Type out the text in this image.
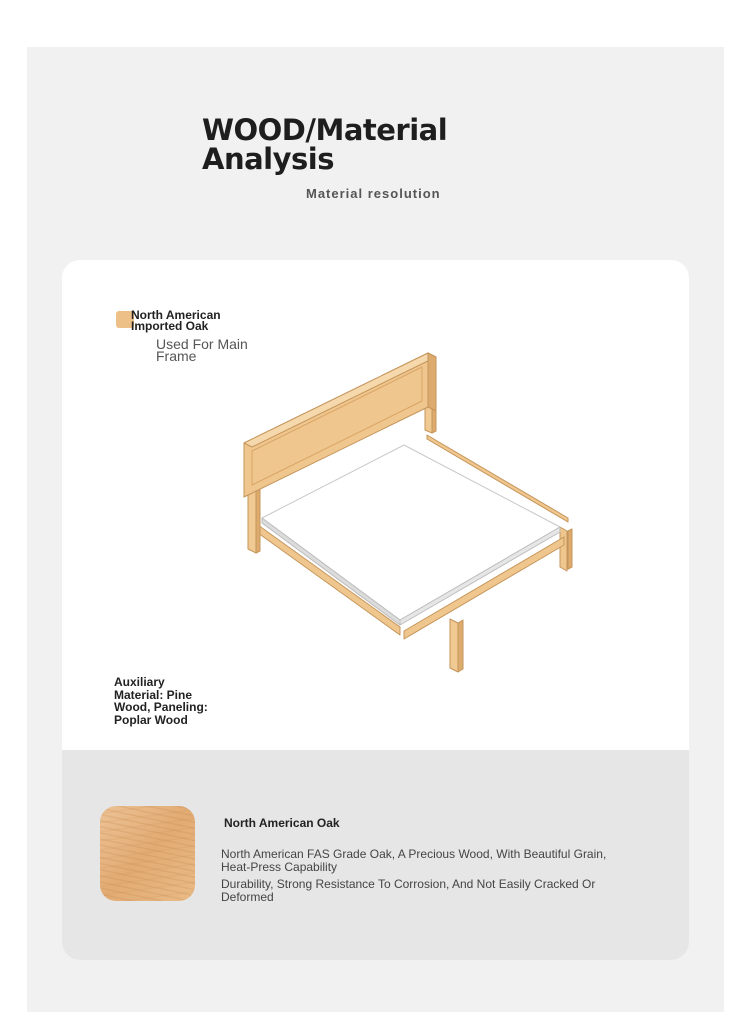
WOOD/Material
Analysis
Material resolution
North American
Imported Oak
Used For Main
Frame
Auxiliary
Material: Pine
Wood, Paneling:
Poplar Wood
North American Oak

North American FAS Grade Oak, A Precious Wood, With Beautiful Grain, Heat-Press Capability

Durability, Strong Resistance To Corrosion, And Not Easily Cracked Or Deformed
